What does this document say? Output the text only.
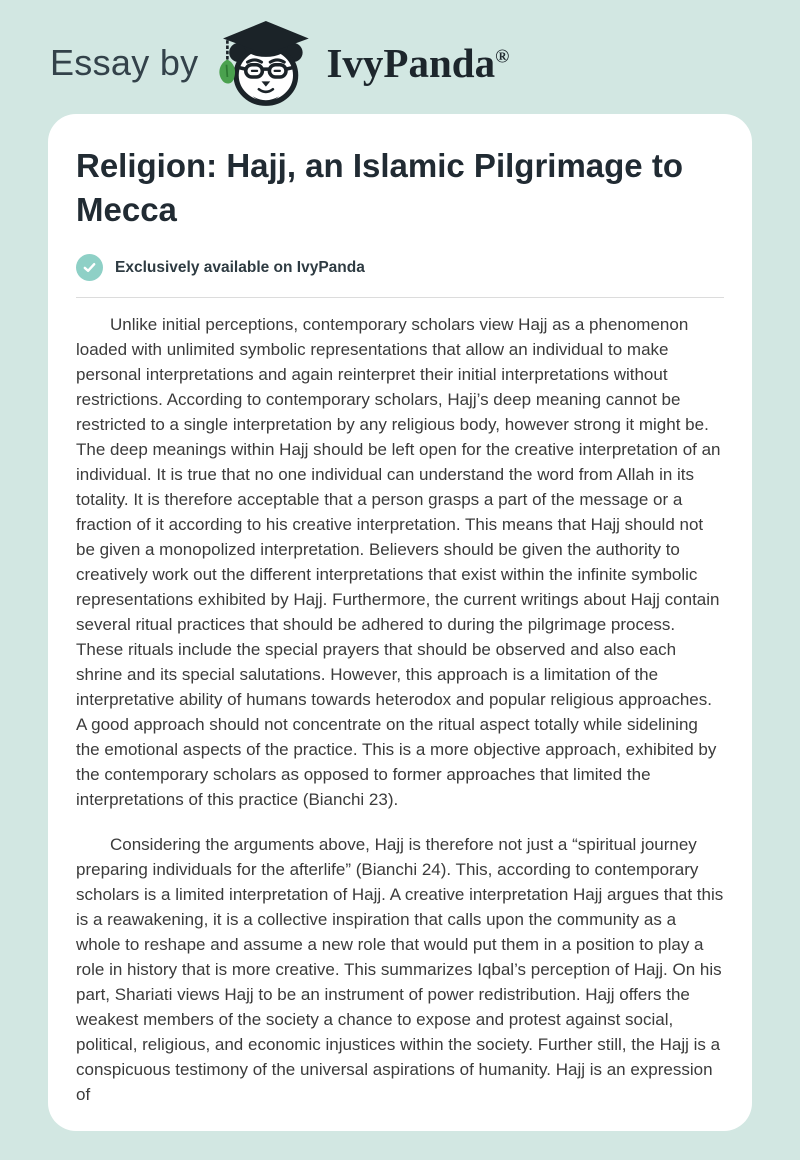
Essay by	IvyPanda®
Religion: Hajj, an Islamic Pilgrimage to Mecca
Exclusively available on IvyPanda

Unlike initial perceptions, contemporary scholars view Hajj as a phenomenon loaded with unlimited symbolic representations that allow an individual to make personal interpretations and again reinterpret their initial interpretations without restrictions. According to contemporary scholars, Hajj’s deep meaning cannot be restricted to a single interpretation by any religious body, however strong it might be. The deep meanings within Hajj should be left open for the creative interpretation of an individual. It is true that no one individual can understand the word from Allah in its totality. It is therefore acceptable that a person grasps a part of the message or a fraction of it according to his creative interpretation. This means that Hajj should not be given a monopolized interpretation. Believers should be given the authority to creatively work out the different interpretations that exist within the infinite symbolic representations exhibited by Hajj. Furthermore, the current writings about Hajj contain several ritual practices that should be adhered to during the pilgrimage process. These rituals include the special prayers that should be observed and also each shrine and its special salutations. However, this approach is a limitation of the interpretative ability of humans towards heterodox and popular religious approaches. A good approach should not concentrate on the ritual aspect totally while sidelining the emotional aspects of the practice. This is a more objective approach, exhibited by the contemporary scholars as opposed to former approaches that limited the interpretations of this practice (Bianchi 23).

Considering the arguments above, Hajj is therefore not just a “spiritual journey preparing individuals for the afterlife” (Bianchi 24). This, according to contemporary scholars is a limited interpretation of Hajj. A creative interpretation Hajj argues that this is a reawakening, it is a collective inspiration that calls upon the community as a whole to reshape and assume a new role that would put them in a position to play a role in history that is more creative. This summarizes Iqbal’s perception of Hajj. On his part, Shariati views Hajj to be an instrument of power redistribution. Hajj offers the weakest members of the society a chance to expose and protest against social, political, religious, and economic injustices within the society. Further still, the Hajj is a conspicuous testimony of the universal aspirations of humanity. Hajj is an expression of
